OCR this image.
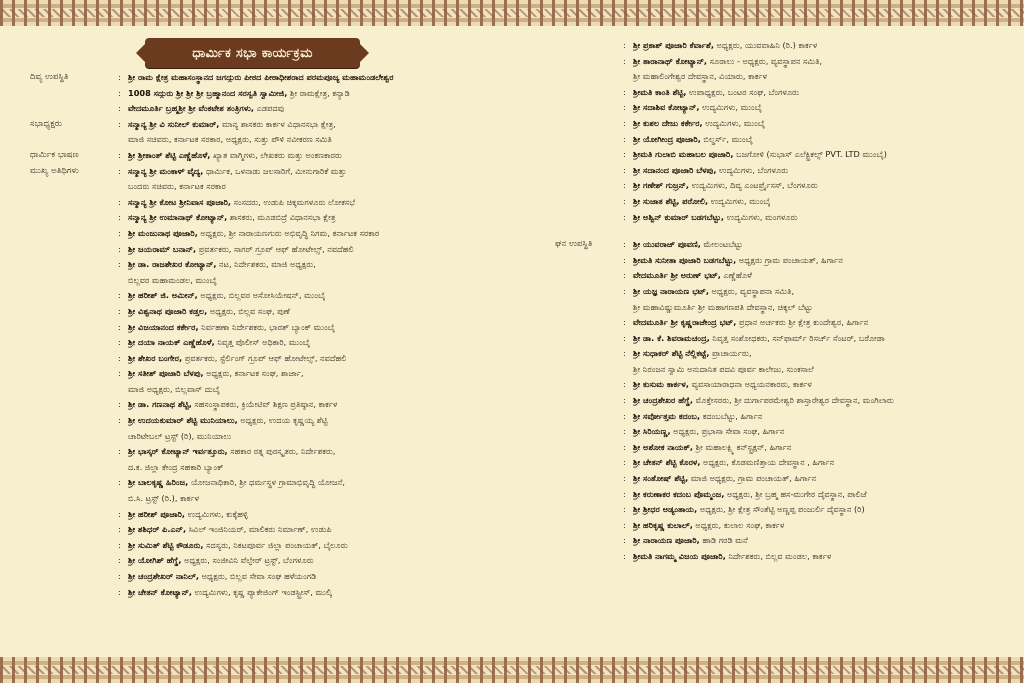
ಧಾರ್ಮಿಕ ಸಭಾ ಕಾರ್ಯಕ್ರಮ
ದಿವ್ಯ ಉಪಸ್ಥಿತಿ	: ಶ್ರೀ ರಾಮ ಕ್ಷೇತ್ರ ಮಹಾಸಂಸ್ಥಾನದ ಜಗದ್ಗುರು ಪೀಠದ ಪೀಠಾಧೀಶರಾದ ಪರಮಪೂಜ್ಯ ಮಹಾಮಂಡಲೇಶ್ವರ
: 1008 ಸದ್ಗುರು ಶ್ರೀ ಶ್ರೀ ಶ್ರೀ ಬ್ರಹ್ಮಾನಂದ ಸರಸ್ವತಿ ಸ್ವಾಮೀಜಿ, ಶ್ರೀ ರಾಮಕ್ಷೇತ್ರ, ಕನ್ಯಾಡಿ
: ವೇದಮೂರ್ತಿ ಬ್ರಹ್ಮಶ್ರೀ ಶ್ರೀ ವೆಂಕಟೇಶ ತಂತ್ರಿಗಳು, ಎಡಪದವು
ಸಭಾಧ್ಯಕ್ಷರು	: ಸನ್ಮಾನ್ಯ ಶ್ರೀ ವಿ ಸುನೀಲ್ ಕುಮಾರ್, ಮಾನ್ಯ ಶಾಸಕರು ಕಾರ್ಕಳ ವಿಧಾನಸಭಾ ಕ್ಷೇತ್ರ,
ಮಾಜಿ ಸಚಿವರು, ಕರ್ನಾಟಕ ಸರಕಾರ, ಅಧ್ಯಕ್ಷರು, ಸುತ್ತು ಪೌಳಿ ನವೀಕರಣ ಸಮಿತಿ
ಧಾರ್ಮಿಕ ಭಾಷಣ	: ಶ್ರೀ ಶ್ರೀಕಾಂತ್ ಶೆಟ್ಟಿ ಎಣ್ಣೆಹೊಳೆ, ಖ್ಯಾತ ವಾಗ್ಮಿಗಳು, ಲೇಖಕರು ಮತ್ತು ಅಂಕಣಕಾರರು
ಮುಖ್ಯ ಅತಿಥಿಗಳು	: ಸನ್ಮಾನ್ಯ ಶ್ರೀ ಮಂಕಾಳ್ ವೈದ್ಯ, ಧಾರ್ಮಿಕ, ಒಳನಾಡು ಜಲಸಾರಿಗೆ, ಮೀನುಗಾರಿಕೆ ಮತ್ತು
ಬಂದರು ಸಚಿವರು, ಕರ್ನಾಟಕ ಸರಕಾರ
: ಸನ್ಮಾನ್ಯ ಶ್ರೀ ಕೋಟ ಶ್ರೀನಿವಾಸ ಪೂಜಾರಿ, ಸಂಸದರು, ಉಡುಪಿ ಚಿಕ್ಕಮಗಳೂರು ಲೋಕಸಭೆ
: ಸನ್ಮಾನ್ಯ ಶ್ರೀ ಉಮಾನಾಥ್ ಕೋಟ್ಯಾನ್, ಶಾಸಕರು, ಮೂಡಬಿದ್ರೆ ವಿಧಾನಸಭಾ ಕ್ಷೇತ್ರ
: ಶ್ರೀ ಮಂಜುನಾಥ ಪೂಜಾರಿ, ಅಧ್ಯಕ್ಷರು, ಶ್ರೀ ನಾರಾಯಣಗುರು ಅಭಿವೃದ್ಧಿ ನಿಗಮ, ಕರ್ನಾಟಕ ಸರಕಾರ
: ಶ್ರೀ ಜಯರಾಮ್ ಬನಾನ್, ಪ್ರವರ್ತಕರು, ಸಾಗರ್ ಗ್ರೂಪ್ ಆಫ್ ಹೋಟೇಲ್ಸ್, ನವದೆಹಲಿ
: ಶ್ರೀ ಡಾ. ರಾಜಶೇಖರ ಕೋಟ್ಯಾನ್, ನಟ, ನಿರ್ದೇಶಕರು, ಮಾಜಿ ಅಧ್ಯಕ್ಷರು,
ಬಿಲ್ಲವರ ಮಹಾಮಂಡಲ, ಮುಂಬೈ
: ಶ್ರೀ ಹರೀಶ್ ಜಿ. ಅಮೀನ್, ಅಧ್ಯಕ್ಷರು, ಬಿಲ್ಲವರ ಅಸೋಸಿಯೇಷನ್, ಮುಂಬೈ
: ಶ್ರೀ ವಿಶ್ವನಾಥ ಪೂಜಾರಿ ಕಡ್ತಲ, ಅಧ್ಯಕ್ಷರು, ಬಿಲ್ಲವ ಸಂಘ, ಪುಣೆ
: ಶ್ರೀ ವಿಜಯಾನಂದ ಕರ್ಕೇರ, ನಿರ್ವಹಣಾ ನಿರ್ದೇಶಕರು, ಭಾರತ್ ಬ್ಯಾಂಕ್ ಮುಂಬೈ
: ಶ್ರೀ ದಯಾ ನಾಯಕ್ ಎಣ್ಣೆಹೊಳೆ, ನಿವೃತ್ತ ಪೊಲೀಸ್ ಅಧಿಕಾರಿ, ಮುಂಬೈ
: ಶ್ರೀ ಶೇಖರ ಬಂಗೇರ, ಪ್ರವರ್ತಕರು, ಸ್ಟೆರ್ಲಿಂಗ್ ಗ್ರೂಪ್ ಆಫ್ ಹೋಟೇಲ್ಸ್, ನವದೆಹಲಿ
: ಶ್ರೀ ಸತೀಶ್ ಪೂಜಾರಿ ಬೆಳಪು, ಅಧ್ಯಕ್ಷರು, ಕರ್ನಾಟಕ ಸಂಘ, ಶಾರ್ಜಾ,
ಮಾಜಿ ಅಧ್ಯಕ್ಷರು, ಬಿಲ್ಲವಾಸ್ ದುಬೈ
: ಶ್ರೀ ಡಾ. ಗಣನಾಥ ಶೆಟ್ಟಿ, ಸಹಸಂಸ್ಥಾಪಕರು, ಕ್ರಿಯೇಟಿವ್ ಶಿಕ್ಷಣ ಪ್ರತಿಷ್ಠಾನ, ಕಾರ್ಕಳ
: ಶ್ರೀ ಉದಯಕುಮಾರ್ ಶೆಟ್ಟಿ ಮುನಿಯಾಲು, ಅಧ್ಯಕ್ಷರು, ಉದಯ ಕೃಷ್ಣಯ್ಯ ಶೆಟ್ಟಿ
ಚಾರಿಟೇಬಲ್ ಟ್ರಸ್ಟ್ (ರಿ), ಮುನಿಯಾಲು
: ಶ್ರೀ ಭಾಸ್ಕರ್ ಕೋಟ್ಯಾನ್ ಇರ್ವತ್ತೂರು, ಸಹಕಾರ ರತ್ನ ಪುರಸ್ಕೃತರು, ನಿರ್ದೇಶಕರು,
ದ.ಕ. ಜಿಲ್ಲಾ ಕೇಂದ್ರ ಸಹಕಾರಿ ಬ್ಯಾಂಕ್
: ಶ್ರೀ ಬಾಲಕೃಷ್ಣ ಹಿರಿಂಜ, ಯೋಜನಾಧಿಕಾರಿ, ಶ್ರೀ ಧರ್ಮಸ್ಥಳ ಗ್ರಾಮಾಭಿವೃದ್ಧಿ ಯೋಜನೆ,
ಬಿ.ಸಿ. ಟ್ರಸ್ಟ್ (ರಿ.), ಕಾರ್ಕಳ
: ಶ್ರೀ ಹರೀಶ್ ಪೂಜಾರಿ, ಉದ್ಯಮಿಗಳು, ಕುಕ್ಕೆಹಳ್ಳಿ
: ಶ್ರೀ ಶಶಿಧರ್ ಪಿ.ಎನ್, ಸಿವಿಲ್ ಇಂಜಿನಿಯರ್, ಮಾಲಿಕರು ನಿರ್ಮಾಣ್, ಉಡುಪಿ
: ಶ್ರೀ ಸುಮಿತ್ ಶೆಟ್ಟಿ ಕೌಡೂರು, ಸದಸ್ಯರು, ನಿಕಟಪೂರ್ವ ಜಿಲ್ಲಾ ಪಂಚಾಯತ್, ಬೈಲೂರು
: ಶ್ರೀ ಯೋಗಿಶ್ ಹೆಗ್ಡೆ, ಅಧ್ಯಕ್ಷರು, ಸಂಜೀವಿನಿ ವೆಲ್ಫೇರ್ ಟ್ರಸ್ಟ್, ಬೆಂಗಳೂರು
: ಶ್ರೀ ಚಂದ್ರಶೇಖರ್ ನಾನಿಲ್, ಅಧ್ಯಕ್ಷರು, ಬಿಲ್ಲವ ಸೇವಾ ಸಂಘ ಹಳೆಯಂಗಡಿ
: ಶ್ರೀ ಚೇತನ್ ಕೋಟ್ಯಾನ್, ಉದ್ಯಮಿಗಳು, ಕೃಷ್ಣ ಪ್ಯಾಕೇಜಿಂಗ್ ಇಂಡಸ್ಟ್ರೀಸ್, ಮುಲ್ಕಿ
: ಶ್ರೀ ಪ್ರಕಾಶ್ ಪೂಜಾರಿ ಕೆರ್ವಾಶೆ, ಅಧ್ಯಕ್ಷರು, ಯುವವಾಹಿನಿ (ರಿ.) ಕಾರ್ಕಳ
: ಶ್ರೀ ತಾರಾನಾಥ್ ಕೋಟ್ಯಾನ್, ಸೂರಾಲು - ಅಧ್ಯಕ್ಷರು, ವ್ಯವಸ್ಥಾಪನ ಸಮಿತಿ,
ಶ್ರೀ ಮಹಾಲಿಂಗೇಶ್ವರ ದೇವಸ್ಥಾನ, ವಿಯಾರು, ಕಾರ್ಕಳ
: ಶ್ರೀಮತಿ ಕಾಂತಿ ಶೆಟ್ಟಿ, ಉಪಾಧ್ಯಕ್ಷರು, ಬಂಟರ ಸಂಘ, ಬೆಂಗಳೂರು
: ಶ್ರೀ ಸದಾಶಿವ ಕೋಟ್ಯಾನ್, ಉದ್ಯಮಿಗಳು, ಮುಂಬೈ
: ಶ್ರೀ ಕುಶಲ ದೇಜು ಕರ್ಕೇರ, ಉದ್ಯಮಿಗಳು, ಮುಂಬೈ
: ಶ್ರೀ ಯೋಗೀಂದ್ರ ಪೂಜಾರಿ, ಬಿಲ್ಡರ್ಸ್, ಮುಂಬೈ
: ಶ್ರೀಮತಿ ಗುಲಾಬಿ ಮಹಾಬಲ ಪೂಜಾರಿ, ಬಜಗೋಳಿ (ಸುಭಾಸ್ ಎಲೆಕ್ಟ್ರಿಕಲ್ಸ್ PVT. LTD ಮುಂಬೈ)
: ಶ್ರೀ ಸದಾನಂದ ಪೂಜಾರಿ ಬೆಳಪು, ಉದ್ಯಮಿಗಳು, ಬೆಂಗಳೂರು
: ಶ್ರೀ ಗಣೇಶ್ ಗುಜ್ರನ್, ಉದ್ಯಮಿಗಳು, ದಿವ್ಯ ಎಂಟರ್ಪ್ರೈಸಸ್, ಬೆಂಗಳೂರು
: ಶ್ರೀ ಸುಜಾತ ಶೆಟ್ಟಿ, ಪರೋಲಿ, ಉದ್ಯಮಿಗಳು, ಮುಂಬೈ
: ಶ್ರೀ ಅಶ್ವಿನ್ ಕುಮಾರ್ ಬಡಗಬೆಟ್ಟು, ಉದ್ಯಮಿಗಳು, ಮಂಗಳೂರು
ಘನ ಉಪಸ್ಥಿತಿ	: ಶ್ರೀ ಯುವರಾಜ್ ಪೂವಣಿ, ಮೇಲಂಟಬೆಟ್ಟು
: ಶ್ರೀಮತಿ ಸುನೀತಾ ಪೂಜಾರಿ ಬಡಗಬೆಟ್ಟು, ಅಧ್ಯಕ್ಷರು ಗ್ರಾಮ ಪಂಚಾಯತ್, ಹಿರ್ಗಾನ
: ವೇದಮೂರ್ತಿ ಶ್ರೀ ಅರುಣ್ ಭಟ್, ಎಣ್ಣೆಹೊಳೆ
: ಶ್ರೀ ಯಜ್ಞ ನಾರಾಯಣ ಭಟ್, ಅಧ್ಯಕ್ಷರು, ವ್ಯವಸ್ಥಾಪನಾ ಸಮಿತಿ,
ಶ್ರೀ ಮಹಾವಿಷ್ಣುಮೂರ್ತಿ ಶ್ರೀ ಮಹಾಗಣಪತಿ ದೇವಸ್ಥಾನ, ಚಿಕ್ಕಲ್ ಬೆಟ್ಟು
: ವೇದಮೂರ್ತಿ ಶ್ರೀ ಕೃಷ್ಣರಾಜೇಂದ್ರ ಭಟ್, ಪ್ರಧಾನ ಅರ್ಚಕರು ಶ್ರೀ ಕ್ಷೇತ್ರ ಕುಂದೇಶ್ವರ, ಹಿರ್ಗಾನ
: ಶ್ರೀ ಡಾ. ಕೆ. ಶಿವರಾಮಚಂದ್ರ, ನಿವೃತ್ತ ಸಂಶೋಧಕರು, ಸನ್‌ಫಾರ್ಮ್ ರಿಸರ್ಚ್ ಸೆಂಟರ್, ಬರೋಡಾ
: ಶ್ರೀ ಸುಧಾಕರ್ ಶೆಟ್ಟಿ ನೆಲ್ಲಿಕಟ್ಟೆ, ಪ್ರಾಚಾರ್ಯರು,
ಶ್ರೀ ನಿರಂಜನ ಸ್ವಾಮಿ ಅನುದಾನಿತ ಪದವಿ ಪೂರ್ವ ಕಾಲೇಜು, ಸುಂಕಸಾಲೆ
: ಶ್ರೀ ಕುಸುಮ ಕಾರ್ಕಳ, ವ್ಯವಸಾಯಾರಾಧನಾ ಅಧ್ಯಯನಕಾರರು, ಕಾರ್ಕಳ
: ಶ್ರೀ ಚಂದ್ರಶೇಖರ ಹೆಗ್ಡೆ, ಮೊಕ್ತೇಸರರು, ಶ್ರೀ ದುರ್ಗಾಪರಮೇಶ್ವರಿ ಶಾಸ್ತಾರೇಶ್ವರ ದೇವಸ್ಥಾನ, ಮಂಗಿಲಾರು
: ಶ್ರೀ ಸರ್ವೋತ್ತಮ ಕದಂಬ, ಕದಂಬಬೆಟ್ಟು, ಹಿರ್ಗಾನ
: ಶ್ರೀ ಸಿರಿಯಣ್ಣ, ಅಧ್ಯಕ್ಷರು, ಪ್ರಭಾಸಾ ಸೇವಾ ಸಂಘ, ಹಿರ್ಗಾನ
: ಶ್ರೀ ಅಶೋಕ ನಾಯಕ್, ಶ್ರೀ ಮಹಾಲಕ್ಷ್ಮಿ ಕನ್‌ಸ್ಟ್ರಕ್ಷನ್, ಹಿರ್ಗಾನ
: ಶ್ರೀ ಚೇತನ್ ಶೆಟ್ಟಿ ಕೊರಳ, ಅಧ್ಯಕ್ಷರು, ಕೊಡಮಣಿತ್ತಾಯ ದೇವಸ್ಥಾನ , ಹಿರ್ಗಾನ
: ಶ್ರೀ ಸಂತೋಷ್ ಶೆಟ್ಟಿ, ಮಾಜಿ ಅಧ್ಯಕ್ಷರು, ಗ್ರಾಮ ಪಂಚಾಯತ್, ಹಿರ್ಗಾನ
: ಶ್ರೀ ಕರುಣಾಕರ ಕದಂಬ ಪೊಮ್ಮಂಜ, ಅಧ್ಯಕ್ಷರು, ಶ್ರೀ ಬ್ರಹ್ಮ ಹಸ-ಮುಗೇರ ದೈವಸ್ಥಾನ, ಪಾಲಿಜೆ
: ಶ್ರೀ ಶ್ರೀಧರ ಅಡ್ಯಂತಾಯ, ಅಧ್ಯಕ್ಷರು, ಶ್ರೀ ಕ್ಷೇತ್ರ ಸೌಂತೆಟ್ಟಿ ಅಣ್ಣಪ್ಪ ಪಂಜುರ್ಲಿ ದೈವಸ್ಥಾನ (ರಿ)
: ಶ್ರೀ ಹರಿಕೃಷ್ಣ ಕುಲಾಲ್, ಅಧ್ಯಕ್ಷರು, ಕುಲಾಲ ಸಂಘ, ಕಾರ್ಕಳ
: ಶ್ರೀ ನಾರಾಯಣ ಪೂಜಾರಿ, ಹಾಡಿ ಗರಡಿ ಮನೆ
: ಶ್ರೀಮತಿ ನಾಗಮ್ಮ ವಿಜಯ ಪೂಜಾರಿ, ನಿರ್ದೇಶಕರು, ಬಿಲ್ಲವ ಮಂಡಲ, ಕಾರ್ಕಳ
